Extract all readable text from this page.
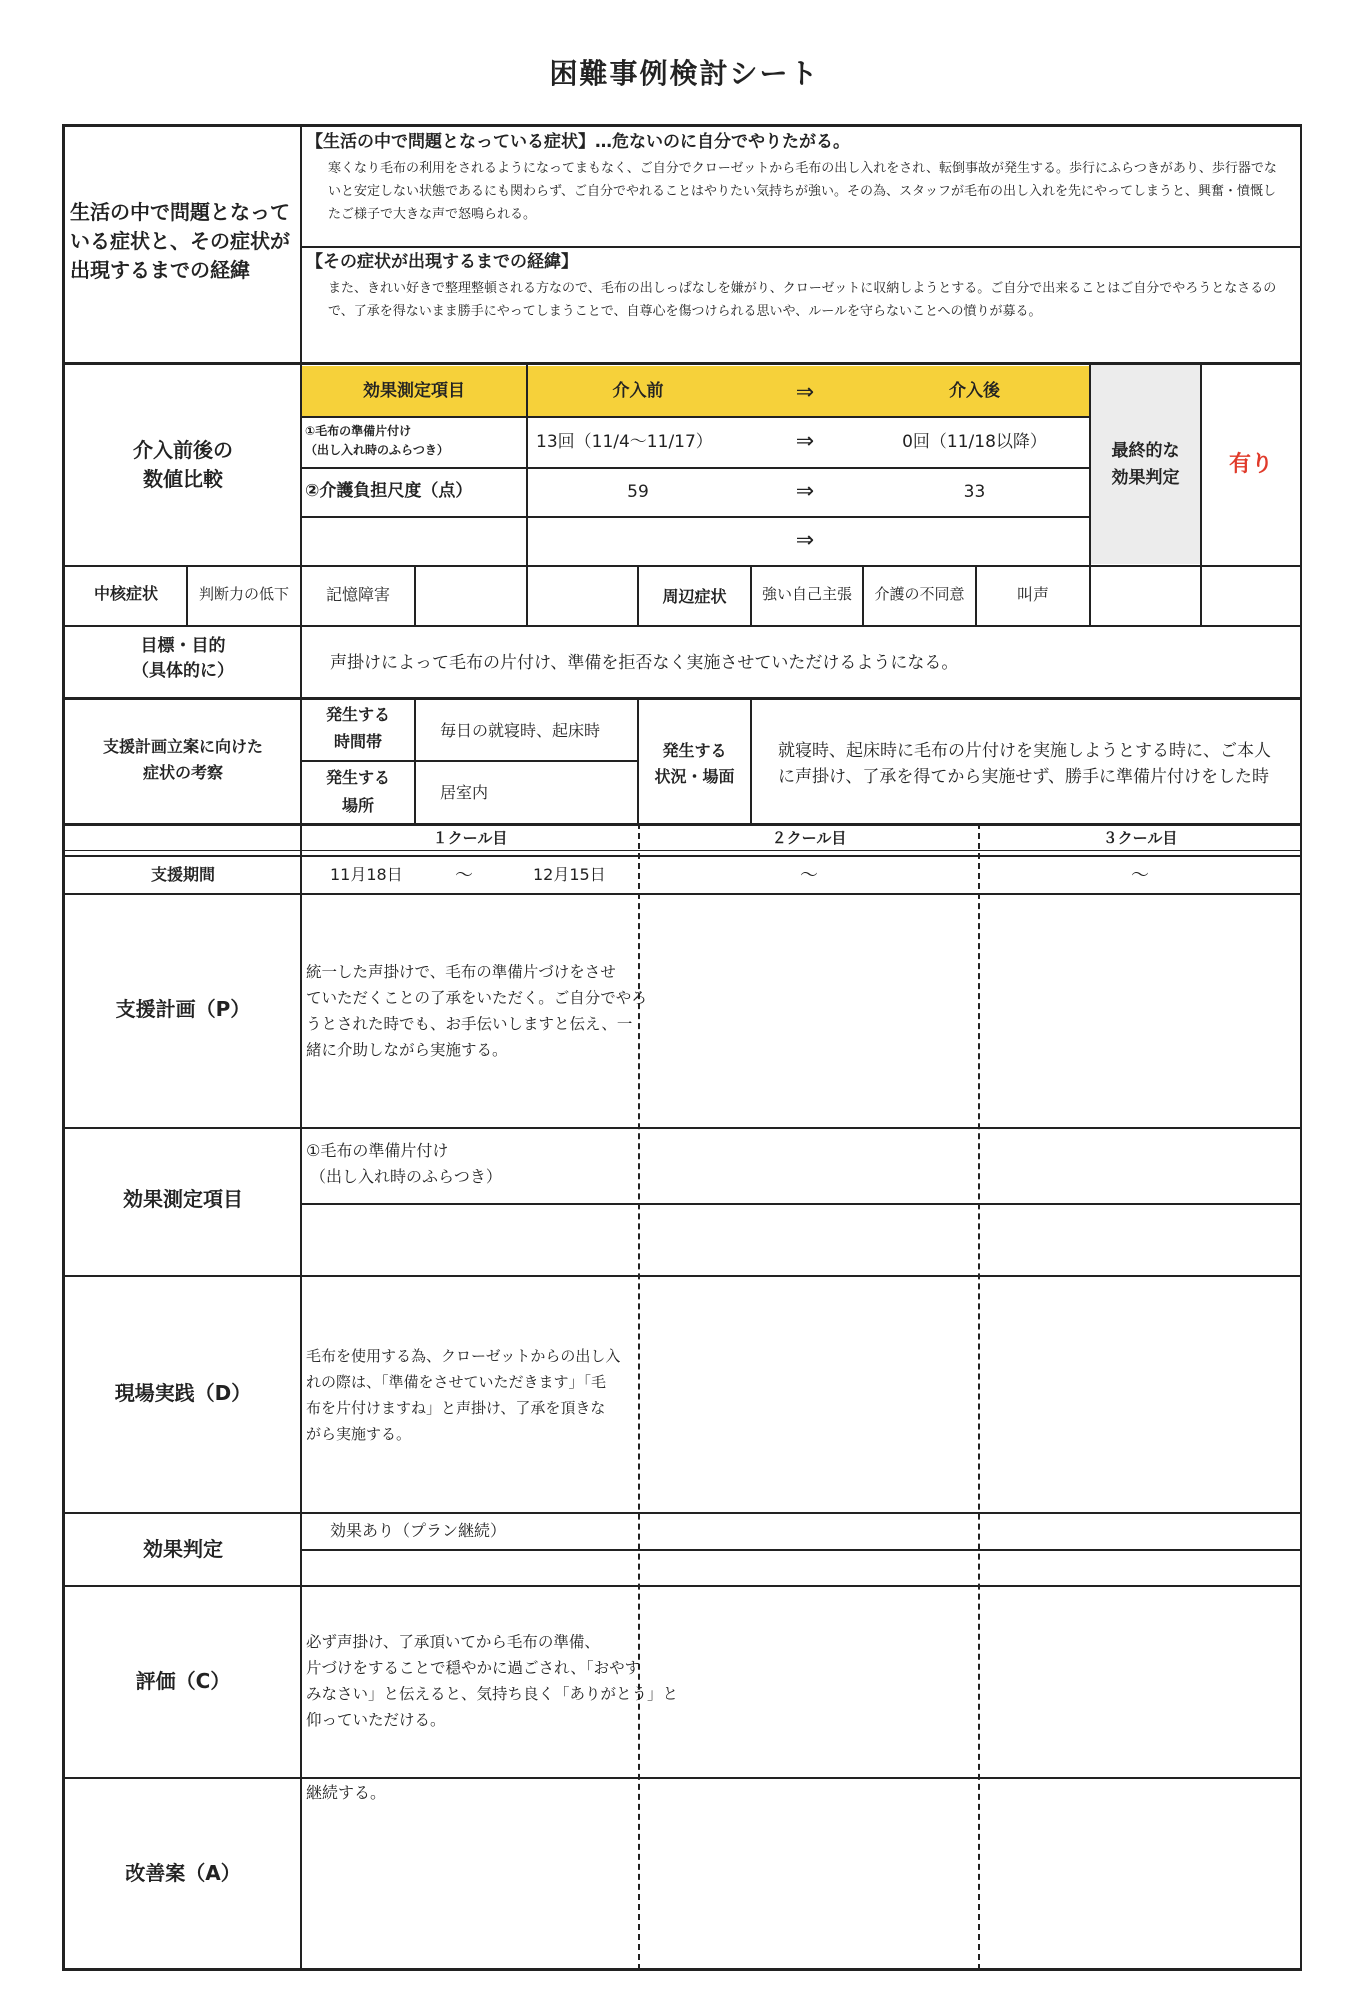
困難事例検討シート
生活の中で問題となっている症状と、その症状が出現するまでの経緯
【生活の中で問題となっている症状】…危ないのに自分でやりたがる。
寒くなり毛布の利用をされるようになってまもなく、ご自分でクローゼットから毛布の出し入れをされ、転倒事故が発生する。歩行にふらつきがあり、歩行器でないと安定しない状態であるにも関わらず、ご自分でやれることはやりたい気持ちが強い。その為、スタッフが毛布の出し入れを先にやってしまうと、興奮・憤慨したご様子で大きな声で怒鳴られる。
【その症状が出現するまでの経緯】
また、きれい好きで整理整頓される方なので、毛布の出しっぱなしを嫌がり、クローゼットに収納しようとする。ご自分で出来ることはご自分でやろうとなさるので、了承を得ないまま勝手にやってしまうことで、自尊心を傷つけられる思いや、ルールを守らないことへの憤りが募る。
介入前後の
数値比較
効果測定項目	介入前	⇒	介入後
①毛布の準備片付け
（出し入れ時のふらつき）	13回（11/4〜11/17）	⇒	0回（11/18以降）
②介護負担尺度（点）	59	⇒	33
⇒
最終的な
効果判定
有り
中核症状	判断力の低下	記憶障害	周辺症状	強い自己主張	介護の不同意	叫声
目標・目的
（具体的に）	声掛けによって毛布の片付け、準備を拒否なく実施させていただけるようになる。
支援計画立案に向けた
症状の考察
発生する
時間帯
毎日の就寝時、起床時
発生する
場所
居室内
発生する
状況・場面
就寝時、起床時に毛布の片付けを実施しようとする時に、ご本人
に声掛け、了承を得てから実施せず、勝手に準備片付けをした時
１クール目	２クール目	３クール目
支援期間	11月18日	〜	12月15日	〜	〜
支援計画（P）
統一した声掛けで、毛布の準備片づけをさせ
ていただくことの了承をいただく。ご自分でやろ
うとされた時でも、お手伝いしますと伝え、一
緒に介助しながら実施する。
効果測定項目
①毛布の準備片付け
（出し入れ時のふらつき）
現場実践（D）
毛布を使用する為、クローゼットからの出し入
れの際は、「準備をさせていただきます」「毛
布を片付けますね」と声掛け、了承を頂きな
がら実施する。
効果判定
効果あり（プラン継続）
評価（C）
必ず声掛け、了承頂いてから毛布の準備、
片づけをすることで穏やかに過ごされ、「おやす
みなさい」と伝えると、気持ち良く「ありがとう」と
仰っていただける。
改善案（A）
継続する。
